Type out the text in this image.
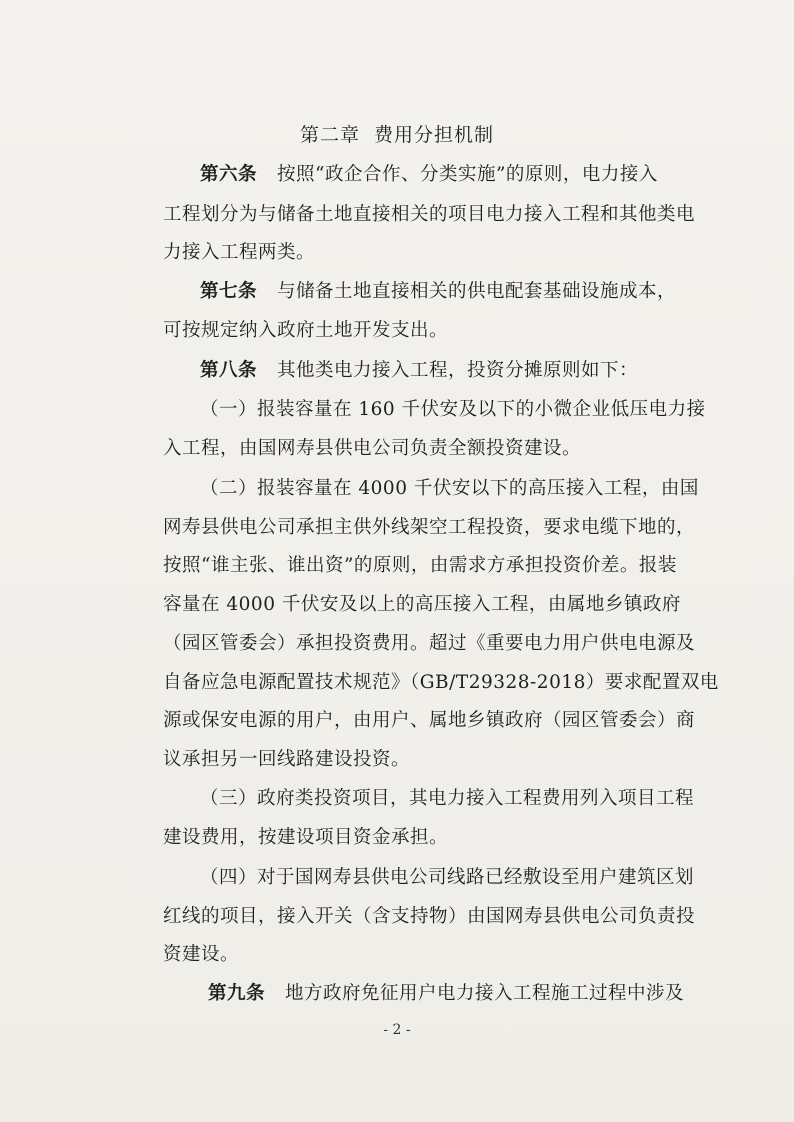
第二章 费用分担机制
第六条 按照“政企合作、分类实施”的原则，电力接入
工程划分为与储备土地直接相关的项目电力接入工程和其他类电
力接入工程两类。
第七条 与储备土地直接相关的供电配套基础设施成本，
可按规定纳入政府土地开发支出。
第八条 其他类电力接入工程，投资分摊原则如下：
（一）报装容量在 160 千伏安及以下的小微企业低压电力接
入工程，由国网寿县供电公司负责全额投资建设。
（二）报装容量在 4000 千伏安以下的高压接入工程，由国
网寿县供电公司承担主供外线架空工程投资，要求电缆下地的，
按照“谁主张、谁出资”的原则，由需求方承担投资价差。报装
容量在 4000 千伏安及以上的高压接入工程，由属地乡镇政府
（园区管委会）承担投资费用。超过《重要电力用户供电电源及
自备应急电源配置技术规范》（GB/T29328-2018）要求配置双电
源或保安电源的用户，由用户、属地乡镇政府（园区管委会）商
议承担另一回线路建设投资。
（三）政府类投资项目，其电力接入工程费用列入项目工程
建设费用，按建设项目资金承担。
（四）对于国网寿县供电公司线路已经敷设至用户建筑区划
红线的项目，接入开关（含支持物）由国网寿县供电公司负责投
资建设。
第九条 地方政府免征用户电力接入工程施工过程中涉及
- 2 -
